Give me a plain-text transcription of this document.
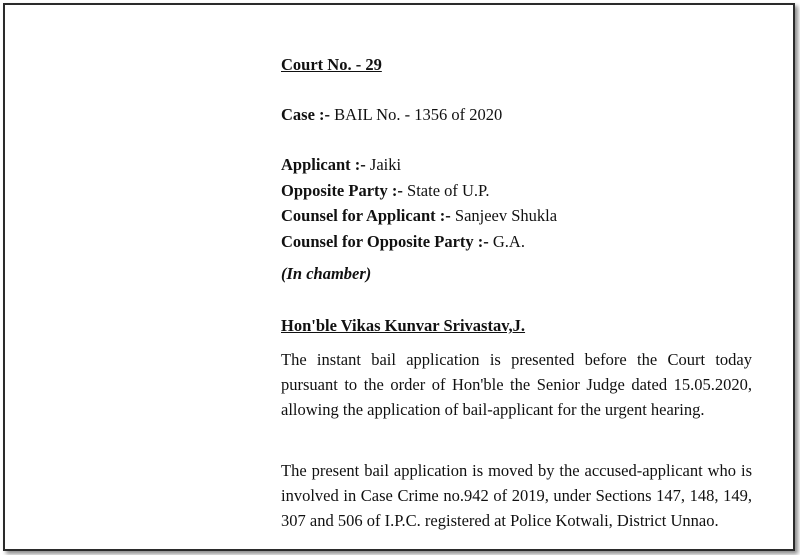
Court No. - 29
Case :- BAIL No. - 1356 of 2020
Applicant :- Jaiki
Opposite Party :- State of U.P.
Counsel for Applicant :- Sanjeev Shukla
Counsel for Opposite Party :- G.A.
(In chamber)
Hon'ble Vikas Kunvar Srivastav,J.
The instant bail application is presented before the Court today pursuant to the order of Hon'ble the Senior Judge dated 15.05.2020, allowing the application of bail-applicant for the urgent hearing.
The present bail application is moved by the accused-applicant who is involved in Case Crime no.942 of 2019, under Sections 147, 148, 149, 307 and 506 of I.P.C. registered at Police Kotwali, District Unnao.
